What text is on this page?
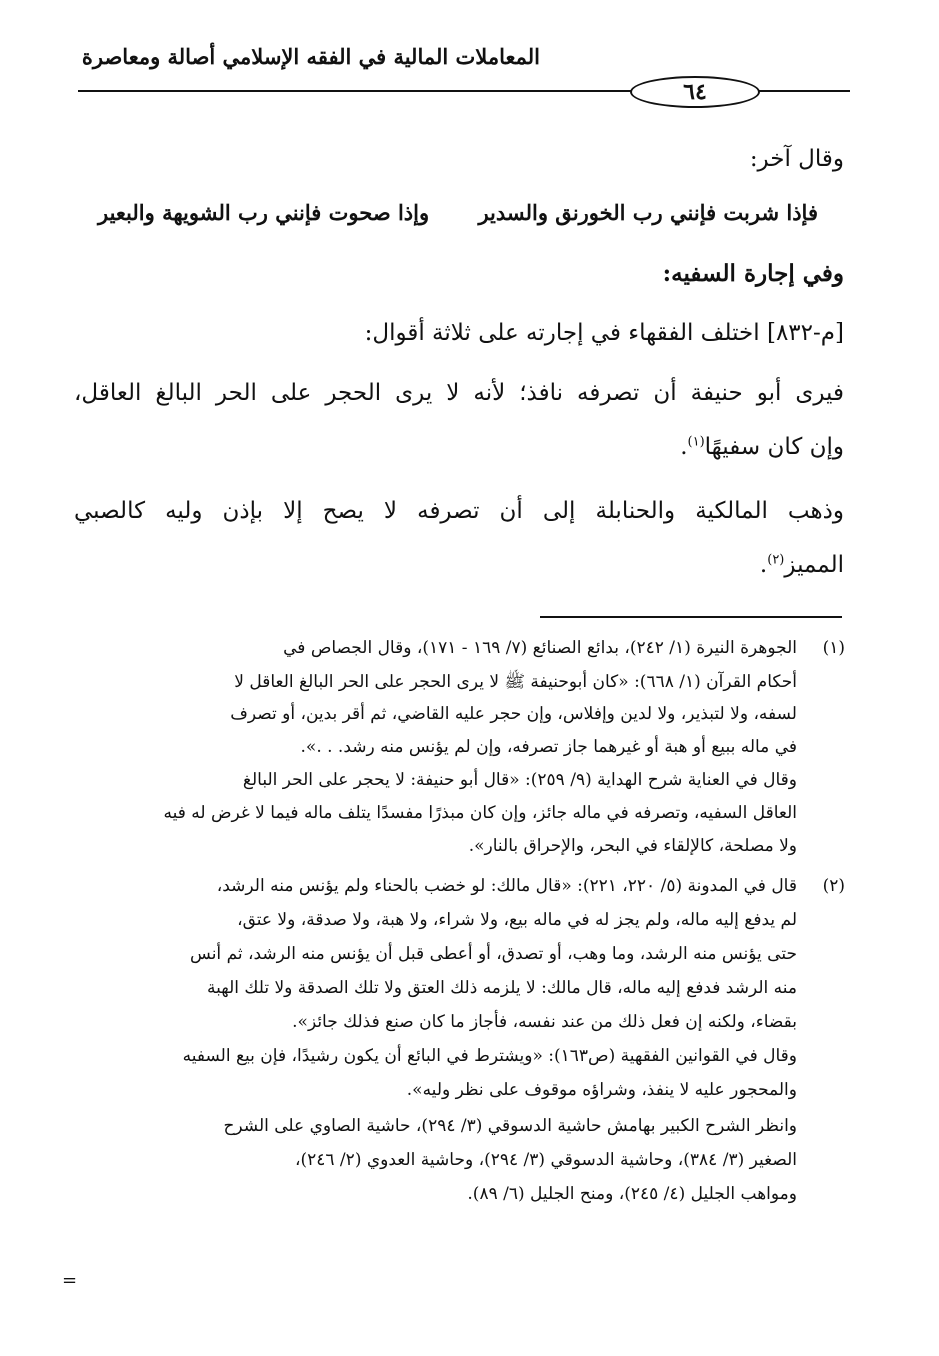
المعاملات المالية في الفقه الإسلامي أصالة ومعاصرة
٦٤
وقال آخر:
فإذا شربت فإنني رب الخورنق والسدير
وإذا صحوت فإنني رب الشويهة والبعير
وفي إجارة السفيه:
[م-٨٣٢] اختلف الفقهاء في إجارته على ثلاثة أقوال:
فيرى أبو حنيفة أن تصرفه نافذ؛ لأنه لا يرى الحجر على الحر البالغ العاقل،
وإن كان سفيهًا$^{(١)}$.
وذهب المالكية والحنابلة إلى أن تصرفه لا يصح إلا بإذن وليه كالصبي
المميز$^{(٢)}$.
(١)
الجوهرة النيرة (١/ ٢٤٢)، بدائع الصنائع (٧/ ١٦٩ - ١٧١)، وقال الجصاص في
أحكام القرآن (١/ ٦٦٨): «كان أبوحنيفة ﷺ لا يرى الحجر على الحر البالغ العاقل لا
لسفه، ولا لتبذير، ولا لدين وإفلاس، وإن حجر عليه القاضي، ثم أقر بدين، أو تصرف
في ماله ببيع أو هبة أو غيرهما جاز تصرفه، وإن لم يؤنس منه رشد. . .».
وقال في العناية شرح الهداية (٩/ ٢٥٩): «قال أبو حنيفة: لا يحجر على الحر البالغ
العاقل السفيه، وتصرفه في ماله جائز، وإن كان مبذرًا مفسدًا يتلف ماله فيما لا غرض له فيه
ولا مصلحة، كالإلقاء في البحر، والإحراق بالنار».
(٢)
قال في المدونة (٥/ ٢٢٠، ٢٢١): «قال مالك: لو خضب بالحناء ولم يؤنس منه الرشد،
لم يدفع إليه ماله، ولم يجز له في ماله بيع، ولا شراء، ولا هبة، ولا صدقة، ولا عتق،
حتى يؤنس منه الرشد، وما وهب، أو تصدق، أو أعطى قبل أن يؤنس منه الرشد، ثم أنس
منه الرشد فدفع إليه ماله، قال مالك: لا يلزمه ذلك العتق ولا تلك الصدقة ولا تلك الهبة
بقضاء، ولكنه إن فعل ذلك من عند نفسه، فأجاز ما كان صنع فذلك جائز».
وقال في القوانين الفقهية (ص١٦٣): «ويشترط في البائع أن يكون رشيدًا، فإن بيع السفيه
والمحجور عليه لا ينفذ، وشراؤه موقوف على نظر وليه».
وانظر الشرح الكبير بهامش حاشية الدسوقي (٣/ ٢٩٤)، حاشية الصاوي على الشرح
الصغير (٣/ ٣٨٤)، وحاشية الدسوقي (٣/ ٢٩٤)، وحاشية العدوي (٢/ ٢٤٦)،
ومواهب الجليل (٤/ ٢٤٥)، ومنح الجليل (٦/ ٨٩).
=
